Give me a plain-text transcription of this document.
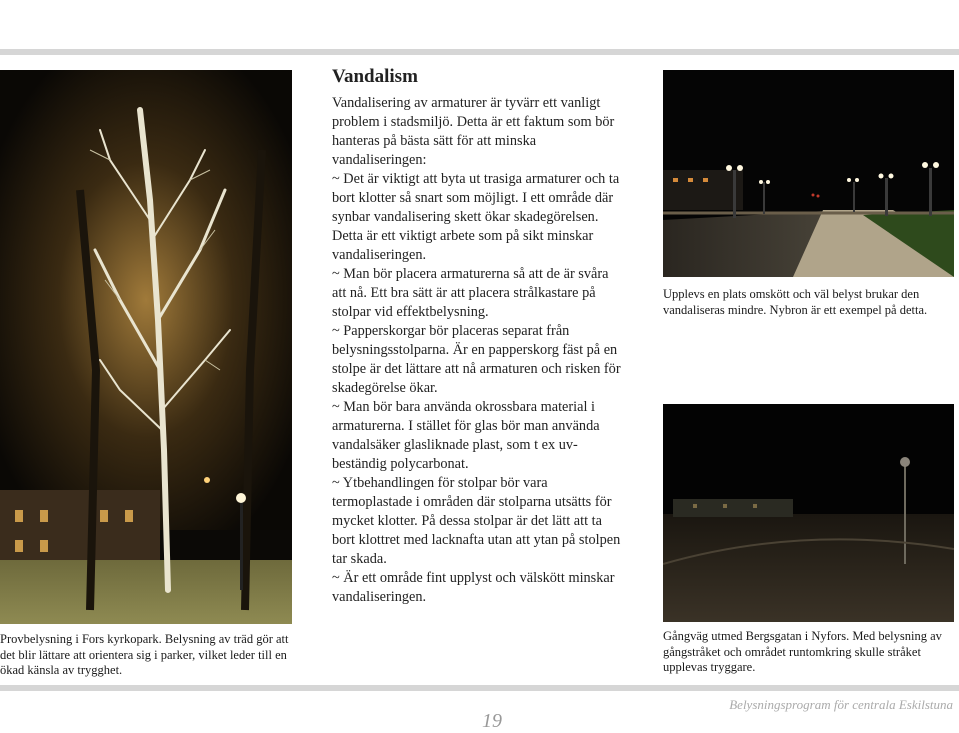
Provbelysning i Fors kyrkopark. Belysning av träd gör att det blir lättare att orientera sig i parker, vilket leder till en ökad känsla av trygghet.
Vandalism

Vandalisering av armaturer är tyvärr ett vanligt problem i stadsmiljö. Detta är ett faktum som bör hanteras på bästa sätt för att minska vandaliseringen:

~ Det är viktigt att byta ut trasiga armaturer och ta bort klotter så snart som möjligt. I ett område där synbar vandalisering skett ökar skadegörelsen. Detta är ett viktigt arbete som på sikt minskar vandaliseringen.

~ Man bör placera armaturerna så att de är svåra att nå. Ett bra sätt är att placera strålkastare på stolpar vid effektbelysning.

~ Papperskorgar bör placeras separat från belysningsstolparna. Är en papperskorg fäst på en stolpe är det lättare att nå armaturen och risken för skadegörelse ökar.

~ Man bör bara använda okrossbara material i armaturerna. I stället för glas bör man använda vandalsäker glasliknade plast, som t ex uv-beständig polycarbonat.

~ Ytbehandlingen för stolpar bör vara termoplastade i områden där stolparna utsätts för mycket klotter. På dessa stolpar är det lätt att ta bort klottret med lacknafta utan att ytan på stolpen tar skada.

~ Är ett område fint upplyst och välskött minskar vandaliseringen.

Upplevs en plats omskött och väl belyst brukar den vandaliseras mindre. Nybron är ett exempel på detta.
Gångväg utmed Bergsgatan i Nyfors. Med belysning av gångstråket och området runtomkring skulle stråket upplevas tryggare.
19
Belysningsprogram för centrala Eskilstuna
